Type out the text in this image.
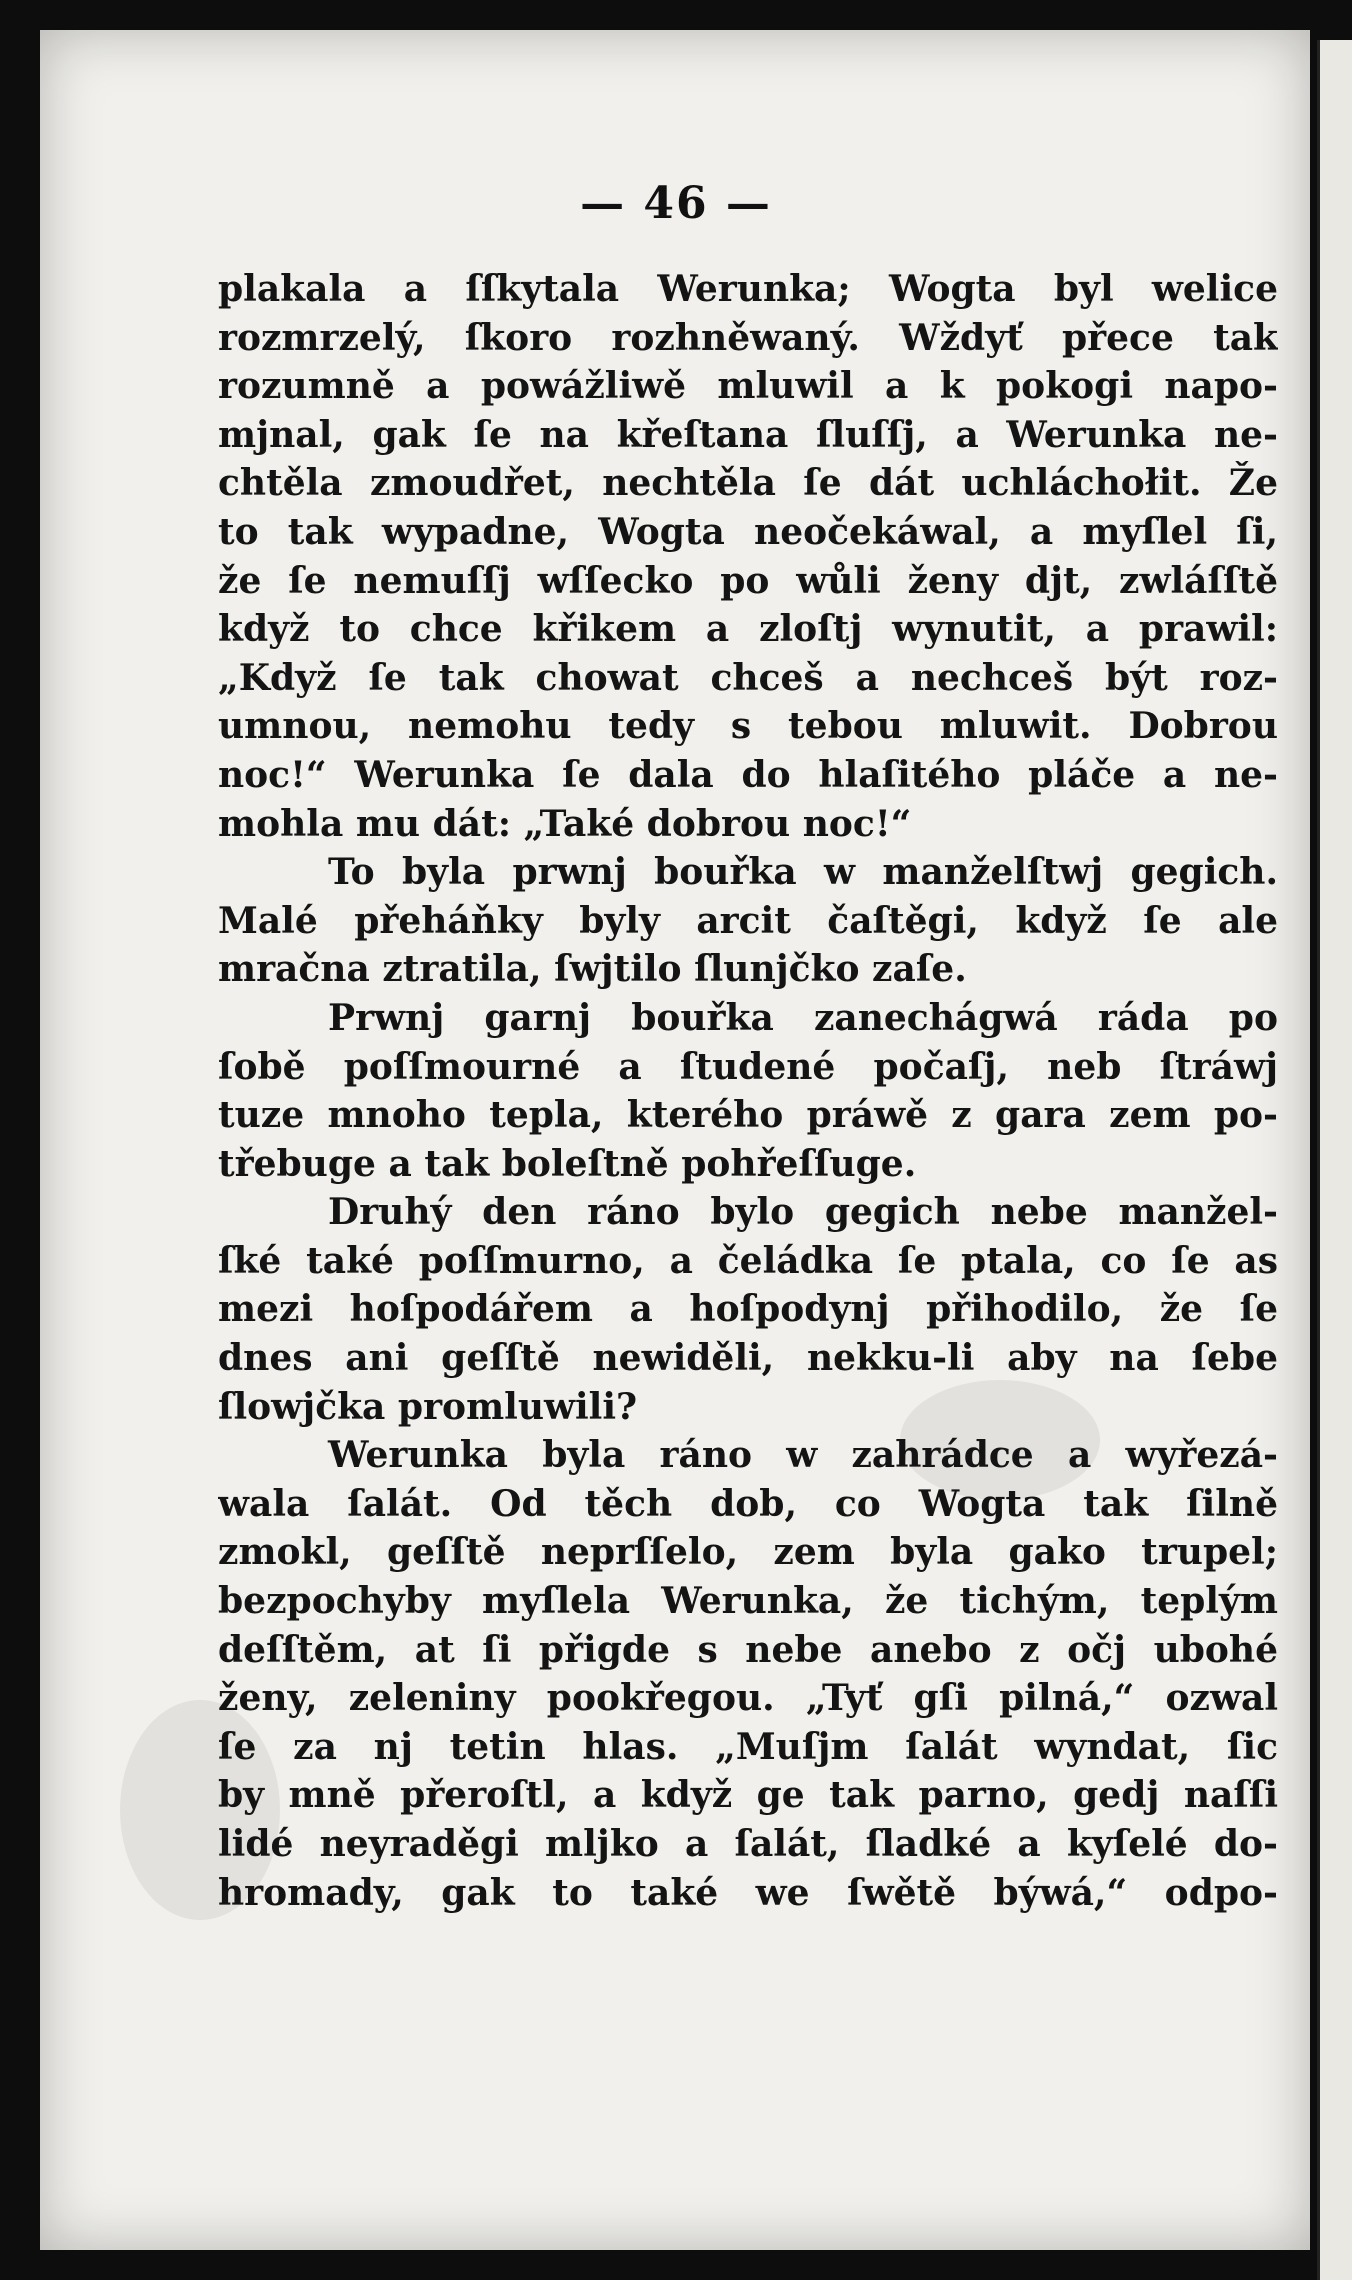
— 46 —
plakala a ſſkytala Werunka; Wogta byl welice
rozmrzelý, ſkoro rozhněwaný. Wždyť přece tak
rozumně a powážliwě mluwil a k pokogi napo-
mjnal, gak ſe na křeſtana ſluſſj, a Werunka ne-
chtěla zmoudřet, nechtěla ſe dát uchláchołit. Že
to tak wypadne, Wogta neočekáwal, a myſlel ſi,
že ſe nemuſſj wſſecko po wůli ženy djt, zwláſſtě
když to chce křikem a zloſtj wynutit, a prawil:
„Když ſe tak chowat chceš a nechceš být roz-
umnou, nemohu tedy s tebou mluwit. Dobrou
noc!“ Werunka ſe dala do hlaſitého pláče a ne-
mohla mu dát: „Také dobrou noc!“
To byla prwnj bouřka w manželſtwj gegich.
Malé přeháňky byly arcit čaſtěgi, když ſe ale
mračna ztratila, ſwjtilo ſlunjčko zaſe.
Prwnj garnj bouřka zanechágwá ráda po
ſobě poſſmourné a ſtudené počaſj, neb ſtráwj
tuze mnoho tepla, kterého práwě z gara zem po-
třebuge a tak boleſtně pohřeſſuge.
Druhý den ráno bylo gegich nebe manžel-
ſké také poſſmurno, a čeládka ſe ptala, co ſe as
mezi hoſpodářem a hoſpodynj přihodilo, že ſe
dnes ani geſſtě newiděli, nekku-li aby na ſebe
ſlowjčka promluwili?
Werunka byla ráno w zahrádce a wyřezá-
wala ſalát. Od těch dob, co Wogta tak ſilně
zmokl, geſſtě neprſſelo, zem byla gako trupel;
bezpochyby myſlela Werunka, že tichým, teplým
deſſtěm, at ſi přigde s nebe anebo z očj ubohé
ženy, zeleniny pookřegou. „Tyť gſi pilná,“ ozwal
ſe za nj tetin hlas. „Muſjm ſalát wyndat, ſic
by mně přeroſtl, a když ge tak parno, gedj naſſi
lidé neyraděgi mljko a ſalát, ſladké a kyſelé do-
hromady, gak to také we ſwětě býwá,“ odpo-
